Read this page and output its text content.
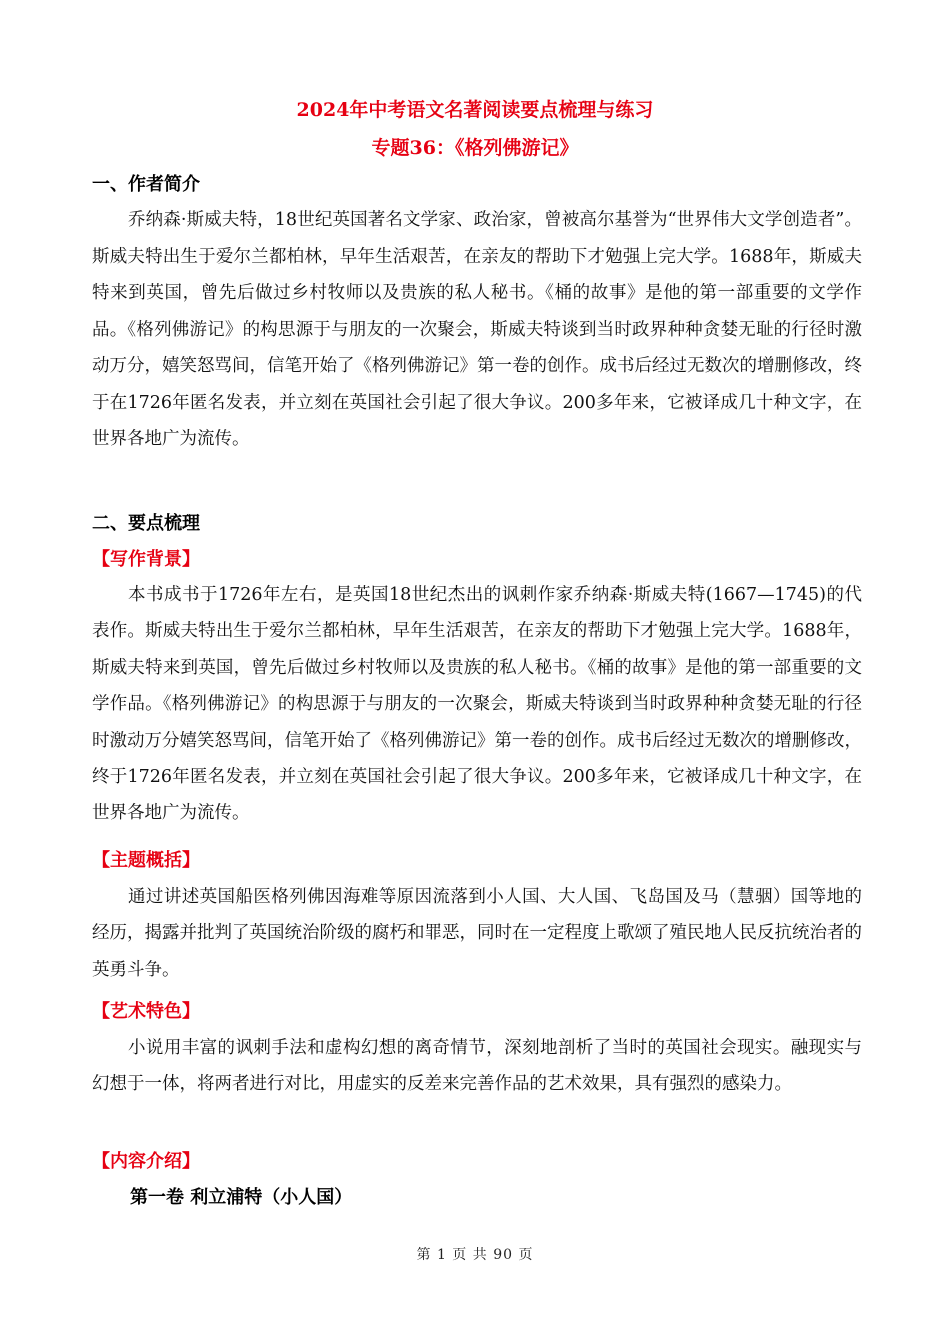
2024年中考语文名著阅读要点梳理与练习
专题36：《格列佛游记》
一、作者简介
乔纳森·斯威夫特，18世纪英国著名文学家、政治家，曾被高尔基誉为“世界伟大文学创造者”。斯威夫特出生于爱尔兰都柏林，早年生活艰苦，在亲友的帮助下才勉强上完大学。1688年，斯威夫特来到英国，曾先后做过乡村牧师以及贵族的私人秘书。《桶的故事》是他的第一部重要的文学作品。《格列佛游记》的构思源于与朋友的一次聚会，斯威夫特谈到当时政界种种贪婪无耻的行径时激动万分，嬉笑怒骂间，信笔开始了《格列佛游记》第一卷的创作。成书后经过无数次的增删修改，终于在1726年匿名发表，并立刻在英国社会引起了很大争议。200多年来，它被译成几十种文字，在世界各地广为流传。
二、要点梳理
【写作背景】
本书成书于1726年左右，是英国18世纪杰出的讽刺作家乔纳森·斯威夫特(1667—1745)的代表作。斯威夫特出生于爱尔兰都柏林，早年生活艰苦，在亲友的帮助下才勉强上完大学。1688年，斯威夫特来到英国，曾先后做过乡村牧师以及贵族的私人秘书。《桶的故事》是他的第一部重要的文学作品。《格列佛游记》的构思源于与朋友的一次聚会，斯威夫特谈到当时政界种种贪婪无耻的行径时激动万分嬉笑怒骂间，信笔开始了《格列佛游记》第一卷的创作。成书后经过无数次的增删修改，终于1726年匿名发表，并立刻在英国社会引起了很大争议。200多年来，它被译成几十种文字，在世界各地广为流传。
【主题概括】
通过讲述英国船医格列佛因海难等原因流落到小人国、大人国、飞岛国及马（慧骃）国等地的经历，揭露并批判了英国统治阶级的腐朽和罪恶，同时在一定程度上歌颂了殖民地人民反抗统治者的英勇斗争。
【艺术特色】
小说用丰富的讽刺手法和虚构幻想的离奇情节，深刻地剖析了当时的英国社会现实。融现实与幻想于一体，将两者进行对比，用虚实的反差来完善作品的艺术效果，具有强烈的感染力。
【内容介绍】
第一卷 利立浦特（小人国）
第 1 页 共 90 页
